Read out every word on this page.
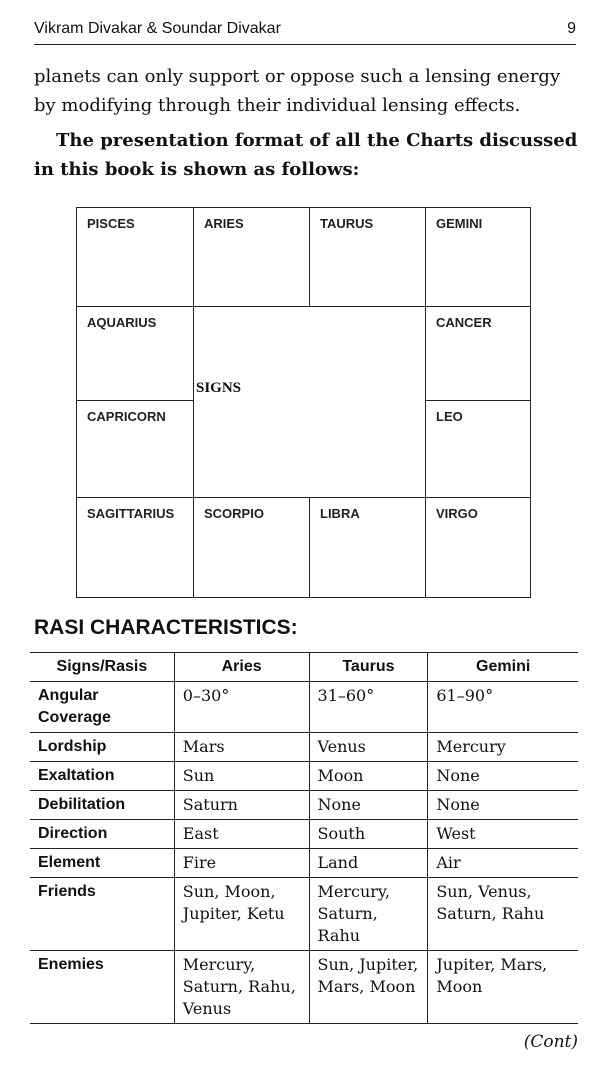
Vikram Divakar & Soundar Divakar	9
planets can only support or oppose such a lensing energy by modifying through their individual lensing effects.
The presentation format of all the Charts discussed in this book is shown as follows:
PISCES	ARIES	TAURUS	GEMINI
AQUARIUS
CAPRICORN
CANCER
LEO
SAGITTARIUS	SCORPIO	LIBRA	VIRGO
SIGNS
RASI CHARACTERISTICS:
Signs/Rasis	Aries	Taurus	Gemini
Angular Coverage	0–30°	31–60°	61–90°
Lordship	Mars	Venus	Mercury
Exaltation	Sun	Moon	None
Debilitation	Saturn	None	None
Direction	East	South	West
Element	Fire	Land	Air
Friends	Sun, Moon, Jupiter, Ketu	Mercury, Saturn, Rahu	Sun, Venus, Saturn, Rahu
Enemies	Mercury, Saturn, Rahu, Venus	Sun, Jupiter, Mars, Moon	Jupiter, Mars, Moon
(Cont)
